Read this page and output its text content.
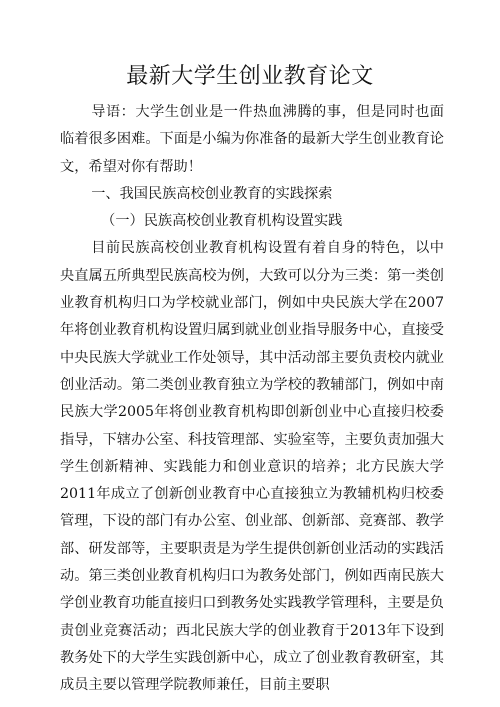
最新大学生创业教育论文

导语：大学生创业是一件热血沸腾的事，但是同时也面临着很多困难。下面是小编为你准备的最新大学生创业教育论文，希望对你有帮助！

一、我国民族高校创业教育的实践探索

（一）民族高校创业教育机构设置实践

目前民族高校创业教育机构设置有着自身的特色，以中央直属五所典型民族高校为例，大致可以分为三类：第一类创业教育机构归口为学校就业部门，例如中央民族大学在2007年将创业教育机构设置归属到就业创业指导服务中心，直接受中央民族大学就业工作处领导，其中活动部主要负责校内就业创业活动。第二类创业教育独立为学校的教辅部门，例如中南民族大学2005年将创业教育机构即创新创业中心直接归校委指导，下辖办公室、科技管理部、实验室等，主要负责加强大学生创新精神、实践能力和创业意识的培养；北方民族大学2011年成立了创新创业教育中心直接独立为教辅机构归校委管理，下设的部门有办公室、创业部、创新部、竞赛部、教学部、研发部等，主要职责是为学生提供创新创业活动的实践活动。第三类创业教育机构归口为教务处部门，例如西南民族大学创业教育功能直接归口到教务处实践教学管理科，主要是负责创业竞赛活动；西北民族大学的创业教育于2013年下设到教务处下的大学生实践创新中心，成立了创业教育教研室，其成员主要以管理学院教师兼任，目前主要职
